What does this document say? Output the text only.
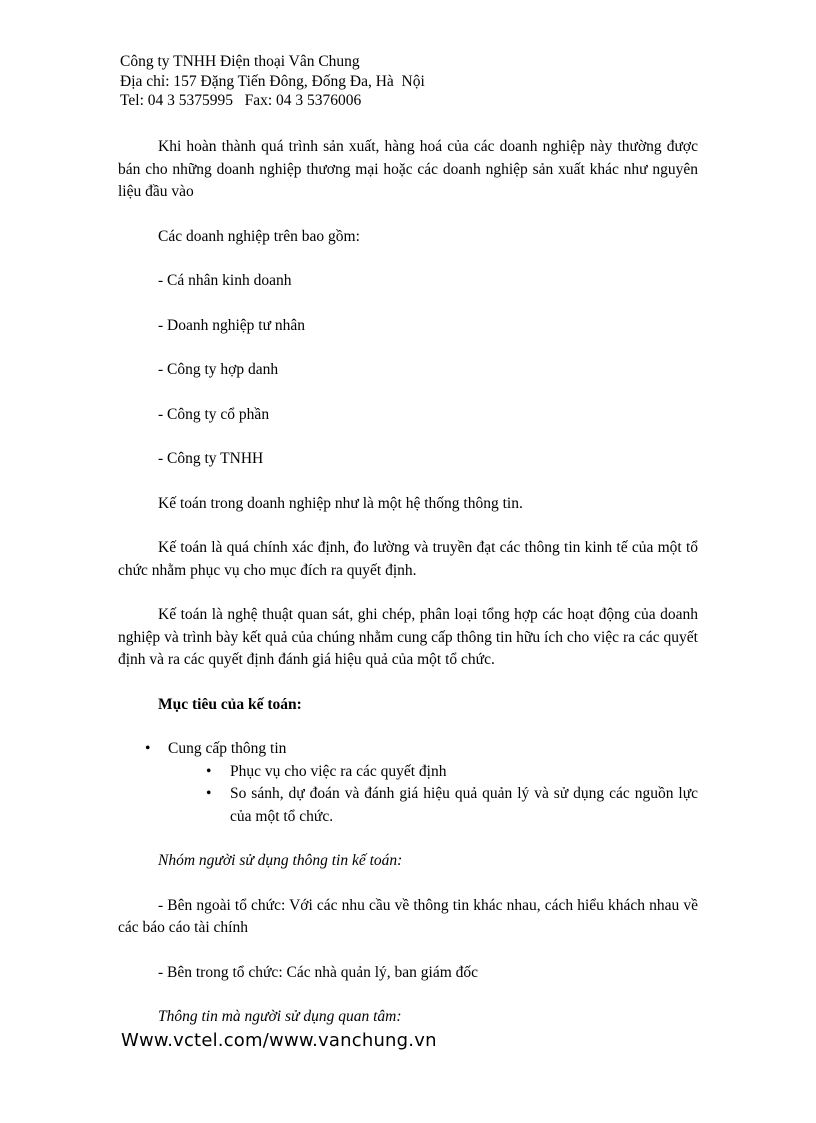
Công ty TNHH Điện thoại Vân Chung
Địa chỉ: 157 Đặng Tiến Đông, Đống Đa, Hà  Nội
Tel: 04 3 5375995   Fax: 04 3 5376006

Khi hoàn thành quá trình sản xuất, hàng hoá của các doanh nghiệp này thường được bán cho những doanh nghiệp thương mại hoặc các doanh nghiệp sản xuất khác như nguyên liệu đầu vào

Các doanh nghiệp trên bao gồm:

- Cá nhân kinh doanh

- Doanh nghiệp tư nhân

- Công ty hợp danh

- Công ty cổ phần

- Công ty TNHH

Kế toán trong doanh nghiệp như là một hệ thống thông tin.

Kế toán là quá chính xác định, đo lường và truyền đạt các thông tin kinh tế của một tổ chức nhằm phục vụ cho mục đích ra quyết định.

Kế toán là nghệ thuật quan sát, ghi chép, phân loại tổng hợp các hoạt động của doanh nghiệp và trình bày kết quả của chúng nhằm cung cấp thông tin hữu ích cho việc ra các quyết định và ra các quyết định đánh giá hiệu quả của một tổ chức.

Mục tiêu của kế toán:

• Cung cấp thông tin
• Phục vụ cho việc ra các quyết định
• So sánh, dự đoán và đánh giá hiệu quả quản lý và sử dụng các nguồn lực của một tổ chức.

Nhóm người sử dụng thông tin kế toán:

- Bên ngoài tổ chức: Với các nhu cầu về thông tin khác nhau, cách hiểu khách nhau về các báo cáo tài chính

- Bên trong tổ chức: Các nhà quản lý, ban giám đốc

Thông tin mà người sử dụng quan tâm:

Www.vctel.com/www.vanchung.vn
